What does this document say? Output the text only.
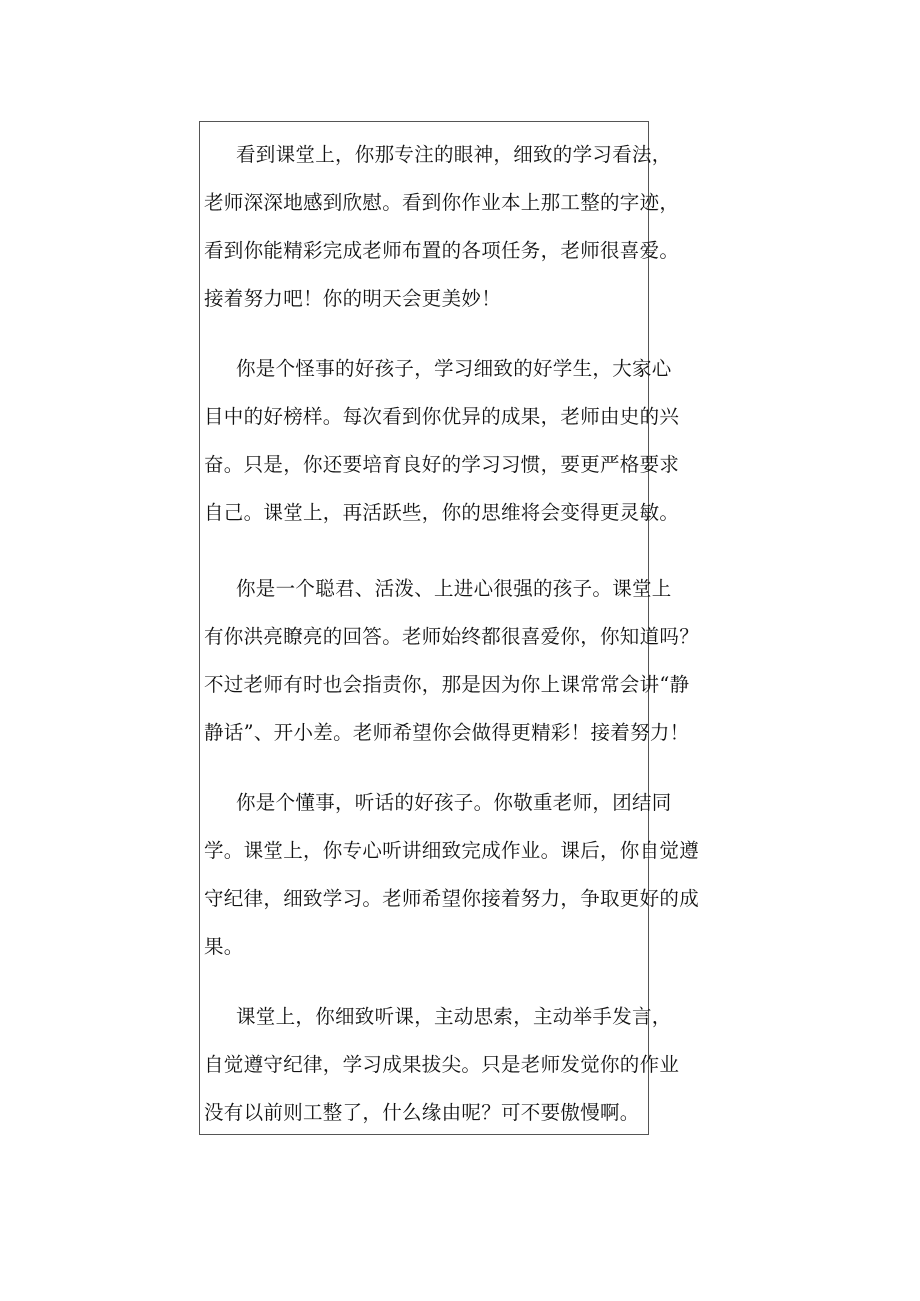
看到课堂上，你那专注的眼神，细致的学习看法，
老师深深地感到欣慰。看到你作业本上那工整的字迹，
看到你能精彩完成老师布置的各项任务，老师很喜爱。
接着努力吧！你的明天会更美妙！
你是个怪事的好孩子，学习细致的好学生，大家心
目中的好榜样。每次看到你优异的成果，老师由史的兴
奋。只是，你还要培育良好的学习习惯，要更严格要求
自己。课堂上，再活跃些，你的思维将会变得更灵敏。
你是一个聪君、活泼、上进心很强的孩子。课堂上
有你洪亮瞭亮的回答。老师始终都很喜爱你，你知道吗？
不过老师有时也会指责你，那是因为你上课常常会讲“静
静话”、开小差。老师希望你会做得更精彩！接着努力！
你是个懂事，听话的好孩子。你敬重老师，团结同
学。课堂上，你专心听讲细致完成作业。课后，你自觉遵
守纪律，细致学习。老师希望你接着努力，争取更好的成
果。
课堂上，你细致听课，主动思索，主动举手发言，
自觉遵守纪律，学习成果拔尖。只是老师发觉你的作业
没有以前则工整了，什么缘由呢？可不要傲慢啊。
